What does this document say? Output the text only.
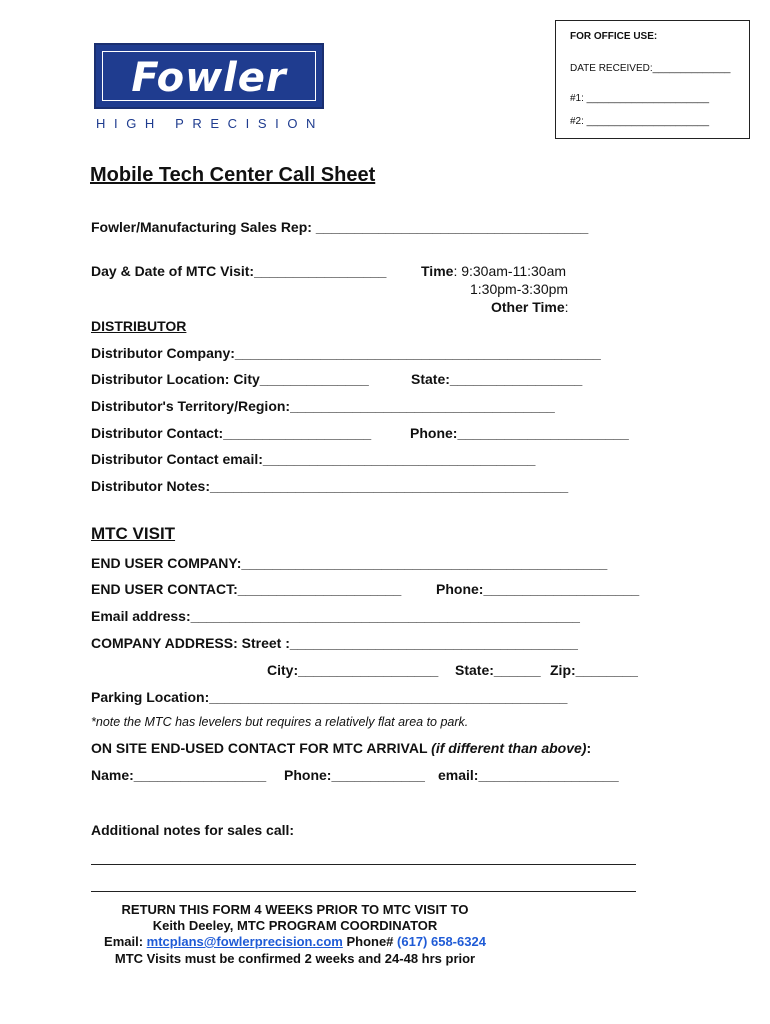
Fowler
HIGH PRECISION
FOR OFFICE USE:
DATE RECEIVED:______________
#1: ______________________
#2: ______________________
Mobile Tech Center Call Sheet
Fowler/Manufacturing Sales Rep: ___________________________________
Day & Date of MTC Visit:_________________ Time: 9:30am-11:30am
1:30pm-3:30pm
Other Time:
DISTRIBUTOR
Distributor Company:_______________________________________________
Distributor Location: City______________	State:_________________
Distributor's Territory/Region:__________________________________
Distributor Contact:___________________	Phone:______________________
Distributor Contact email:___________________________________
Distributor Notes:______________________________________________
MTC VISIT
END USER COMPANY:_______________________________________________
END USER CONTACT:_____________________ Phone:____________________
Email address:__________________________________________________
COMPANY ADDRESS: Street :_____________________________________
City:__________________ State:______ Zip:________
Parking Location:______________________________________________
*note the MTC has levelers but requires a relatively flat area to park.
ON SITE END-USED CONTACT FOR MTC ARRIVAL (if different than above):
Name:_________________ Phone:____________ email:__________________
Additional notes for sales call:
RETURN THIS FORM 4 WEEKS PRIOR TO MTC VISIT TO
Keith Deeley, MTC PROGRAM COORDINATOR
Email: mtcplans@fowlerprecision.com Phone# (617) 658-6324
MTC Visits must be confirmed 2 weeks and 24-48 hrs prior
